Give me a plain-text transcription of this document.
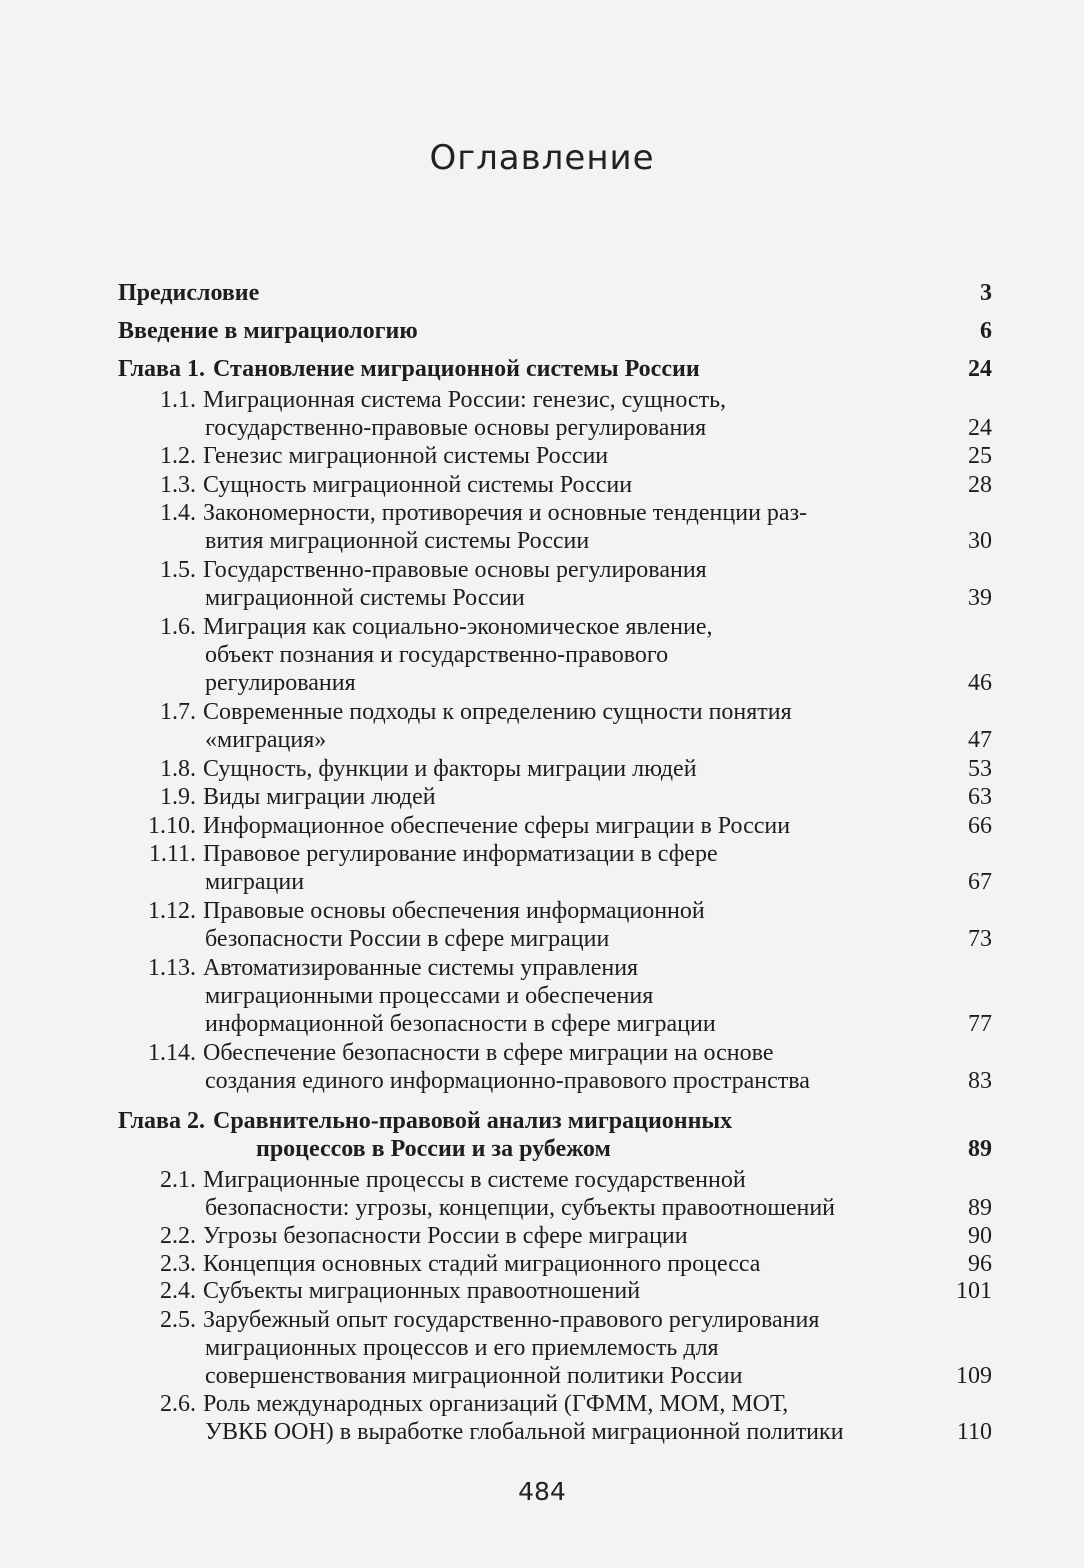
Оглавление
Предисловие	3
Введение в миграциологию	6
Глава 1. Становление миграционной системы России	24
1.1. Миграционная система России: генезис, сущность,
государственно-правовые основы регулирования	24
1.2. Генезис миграционной системы России	25
1.3. Сущность миграционной системы России	28
1.4. Закономерности, противоречия и основные тенденции раз-
вития миграционной системы России	30
1.5. Государственно-правовые основы регулирования
миграционной системы России	39
1.6. Миграция как социально-экономическое явление,
объект познания и государственно-правового
регулирования	46
1.7. Современные подходы к определению сущности понятия
«миграция»	47
1.8. Сущность, функции и факторы миграции людей	53
1.9. Виды миграции людей	63
1.10. Информационное обеспечение сферы миграции в России	66
1.11. Правовое регулирование информатизации в сфере
миграции	67
1.12. Правовые основы обеспечения информационной
безопасности России в сфере миграции	73
1.13. Автоматизированные системы управления
миграционными процессами и обеспечения
информационной безопасности в сфере миграции	77
1.14. Обеспечение безопасности в сфере миграции на основе
создания единого информационно-правового пространства	83
Глава 2. Сравнительно-правовой анализ миграционных
процессов в России и за рубежом	89
2.1. Миграционные процессы в системе государственной
безопасности: угрозы, концепции, субъекты правоотношений	89
2.2. Угрозы безопасности России в сфере миграции	90
2.3. Концепция основных стадий миграционного процесса	96
2.4. Субъекты миграционных правоотношений	101
2.5. Зарубежный опыт государственно-правового регулирования
миграционных процессов и его приемлемость для
совершенствования миграционной политики России	109
2.6. Роль международных организаций (ГФММ, МОМ, МОТ,
УВКБ ООН) в выработке глобальной миграционной политики	110
484
